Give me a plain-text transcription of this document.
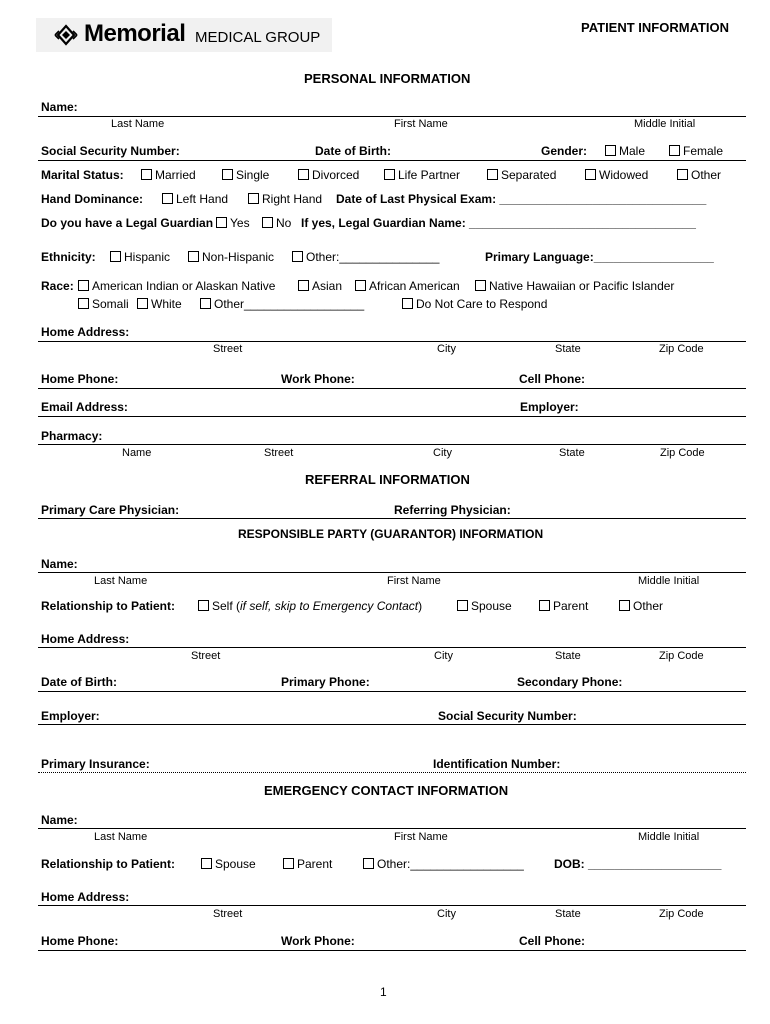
Memorial MEDICAL GROUP
PATIENT INFORMATION
PERSONAL INFORMATION
Name:
Last Name	First Name	Middle Initial
Social Security Number:	Date of Birth:	Gender:	Male	Female
Marital Status:	Married	Single	Divorced	Life Partner	Separated	Widowed	Other
Hand Dominance:	Left Hand	Right Hand Date of Last Physical Exam: _______________________________
Do you have a Legal Guardian	Yes	No If yes, Legal Guardian Name: __________________________________
Ethnicity:	Hispanic	Non-Hispanic	Other:_______________	Primary Language:__________________
Race:	American Indian or Alaskan Native	Asian	African American	Native Hawaiian or Pacific Islander
Somali	White	Other__________________	Do Not Care to Respond
Home Address:
Street	City	State	Zip Code
Home Phone:	Work Phone:	Cell Phone:
Email Address:	Employer:
Pharmacy:
Name	Street	City	State	Zip Code
REFERRAL INFORMATION
Primary Care Physician:	Referring Physician:
RESPONSIBLE PARTY (GUARANTOR) INFORMATION
Name:
Last Name	First Name	Middle Initial
Relationship to Patient:	Self (if self, skip to Emergency Contact)	Spouse	Parent	Other
Home Address:
Street	City	State	Zip Code
Date of Birth:	Primary Phone:	Secondary Phone:
Employer:	Social Security Number:
Primary Insurance:	Identification Number:
EMERGENCY CONTACT INFORMATION
Name:
Last Name	First Name	Middle Initial
Relationship to Patient:	Spouse	Parent	Other:_________________	DOB: ____________________
Home Address:
Street	City	State	Zip Code
Home Phone:	Work Phone:	Cell Phone:
1
